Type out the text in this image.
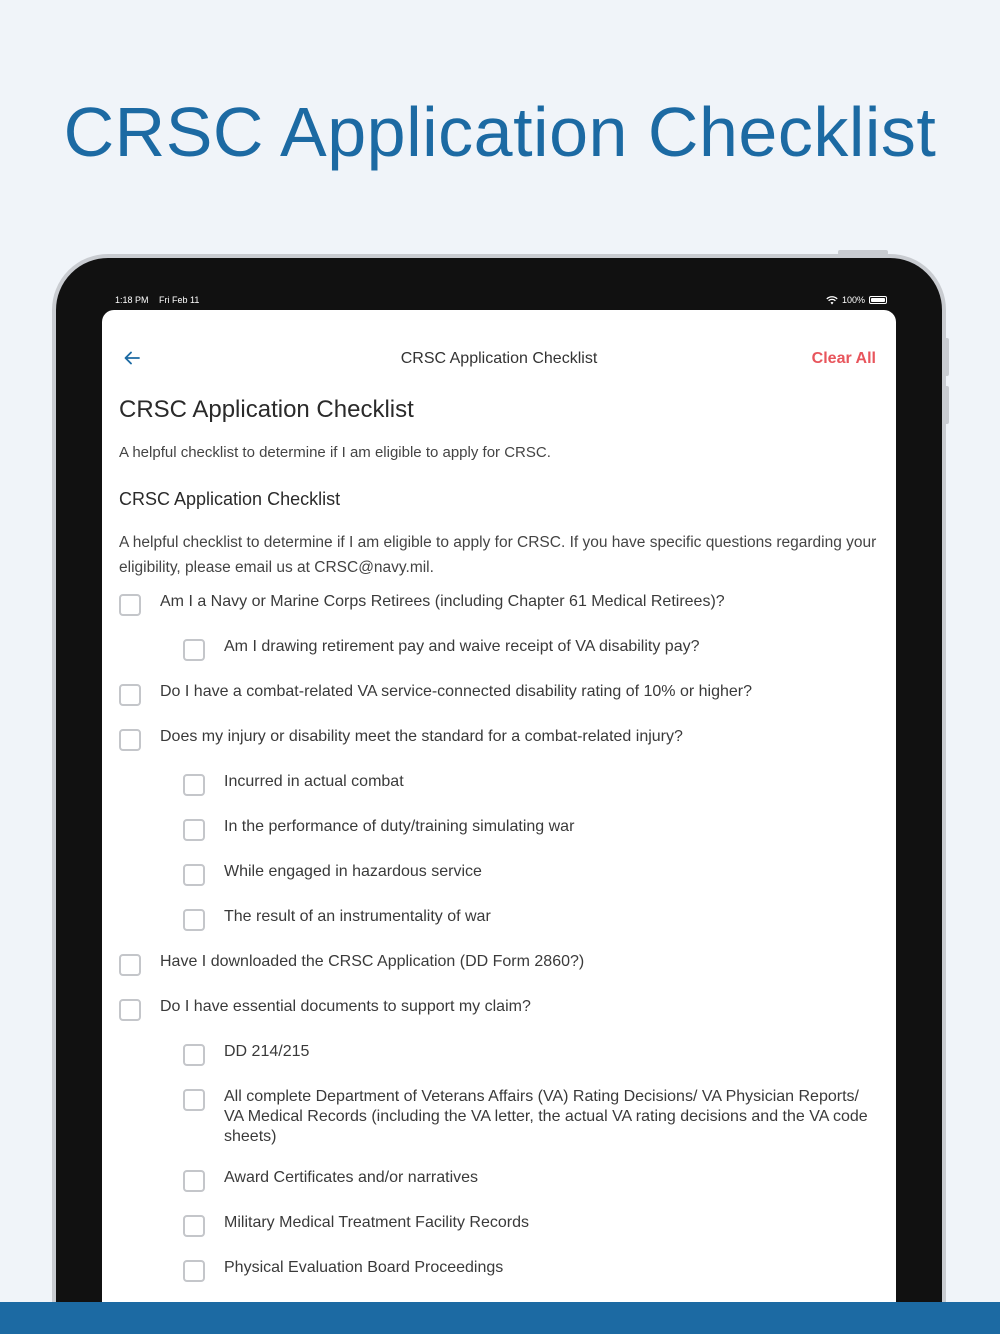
CRSC Application Checklist
1:18 PM Fri Feb 11	100%
CRSC Application Checklist	Clear All
CRSC Application Checklist
A helpful checklist to determine if I am eligible to apply for CRSC.
CRSC Application Checklist
A helpful checklist to determine if I am eligible to apply for CRSC. If you have specific questions regarding your eligibility, please email us at CRSC@navy.mil.
Am I a Navy or Marine Corps Retirees (including Chapter 61 Medical Retirees)?
Am I drawing retirement pay and waive receipt of VA disability pay?
Do I have a combat-related VA service-connected disability rating of 10% or higher?
Does my injury or disability meet the standard for a combat-related injury?
Incurred in actual combat
In the performance of duty/training simulating war
While engaged in hazardous service
The result of an instrumentality of war
Have I downloaded the CRSC Application (DD Form 2860?)
Do I have essential documents to support my claim?
DD 214/215
All complete Department of Veterans Affairs (VA) Rating Decisions/ VA Physician Reports/ VA Medical Records (including the VA letter, the actual VA rating decisions and the VA code sheets)
Award Certificates and/or narratives
Military Medical Treatment Facility Records
Physical Evaluation Board Proceedings
